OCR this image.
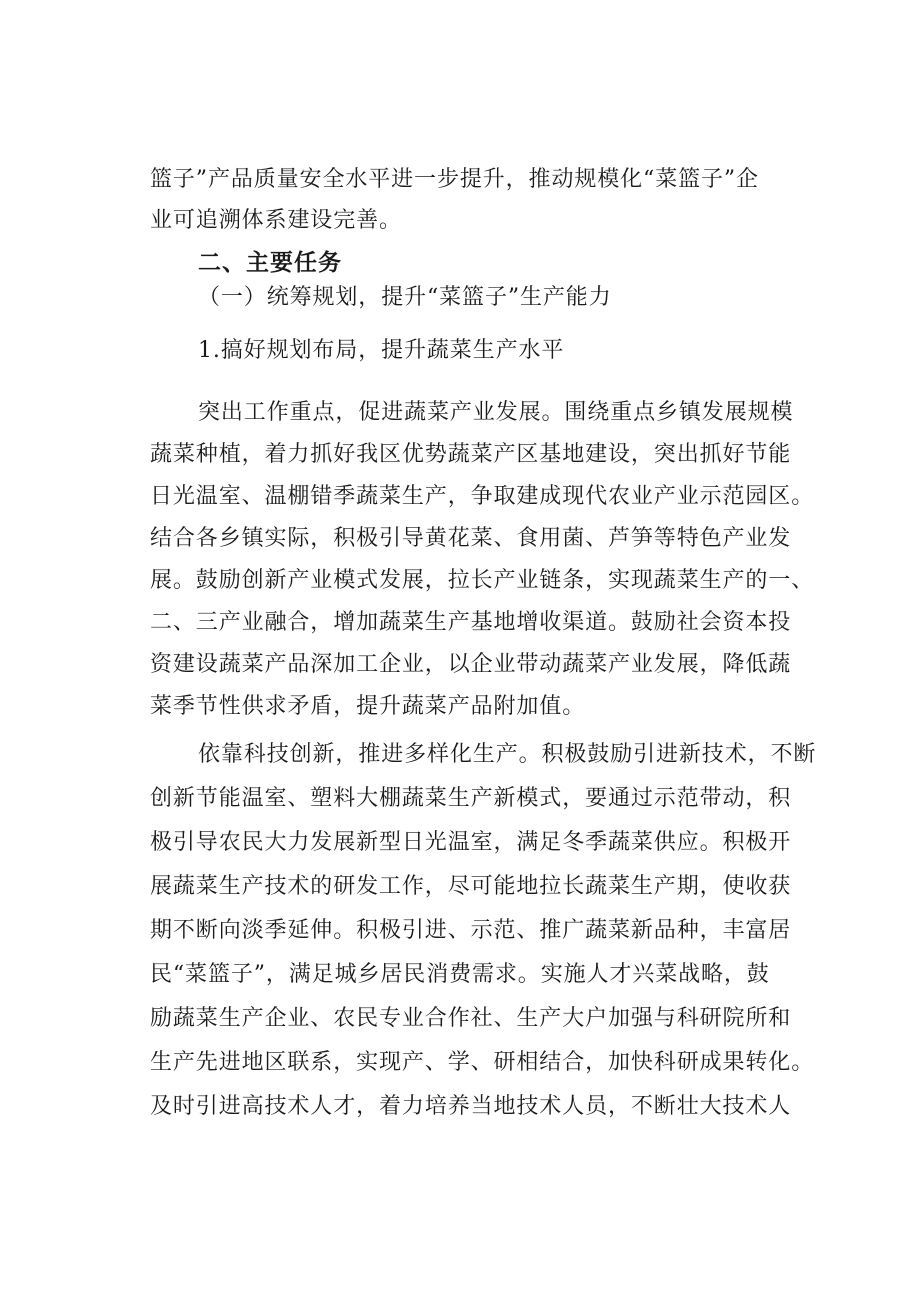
篮子”产品质量安全水平进一步提升，推动规模化“菜篮子”企
业可追溯体系建设完善。
二、主要任务
（一）统筹规划，提升“菜篮子”生产能力
1.搞好规划布局，提升蔬菜生产水平
突出工作重点，促进蔬菜产业发展。围绕重点乡镇发展规模
蔬菜种植，着力抓好我区优势蔬菜产区基地建设，突出抓好节能
日光温室、温棚错季蔬菜生产，争取建成现代农业产业示范园区。
结合各乡镇实际，积极引导黄花菜、食用菌、芦笋等特色产业发
展。鼓励创新产业模式发展，拉长产业链条，实现蔬菜生产的一、
二、三产业融合，增加蔬菜生产基地增收渠道。鼓励社会资本投
资建设蔬菜产品深加工企业，以企业带动蔬菜产业发展，降低蔬
菜季节性供求矛盾，提升蔬菜产品附加值。
依靠科技创新，推进多样化生产。积极鼓励引进新技术，不断
创新节能温室、塑料大棚蔬菜生产新模式，要通过示范带动，积
极引导农民大力发展新型日光温室，满足冬季蔬菜供应。积极开
展蔬菜生产技术的研发工作，尽可能地拉长蔬菜生产期，使收获
期不断向淡季延伸。积极引进、示范、推广蔬菜新品种，丰富居
民“菜篮子”，满足城乡居民消费需求。实施人才兴菜战略，鼓
励蔬菜生产企业、农民专业合作社、生产大户加强与科研院所和
生产先进地区联系，实现产、学、研相结合，加快科研成果转化。
及时引进高技术人才，着力培养当地技术人员，不断壮大技术人
